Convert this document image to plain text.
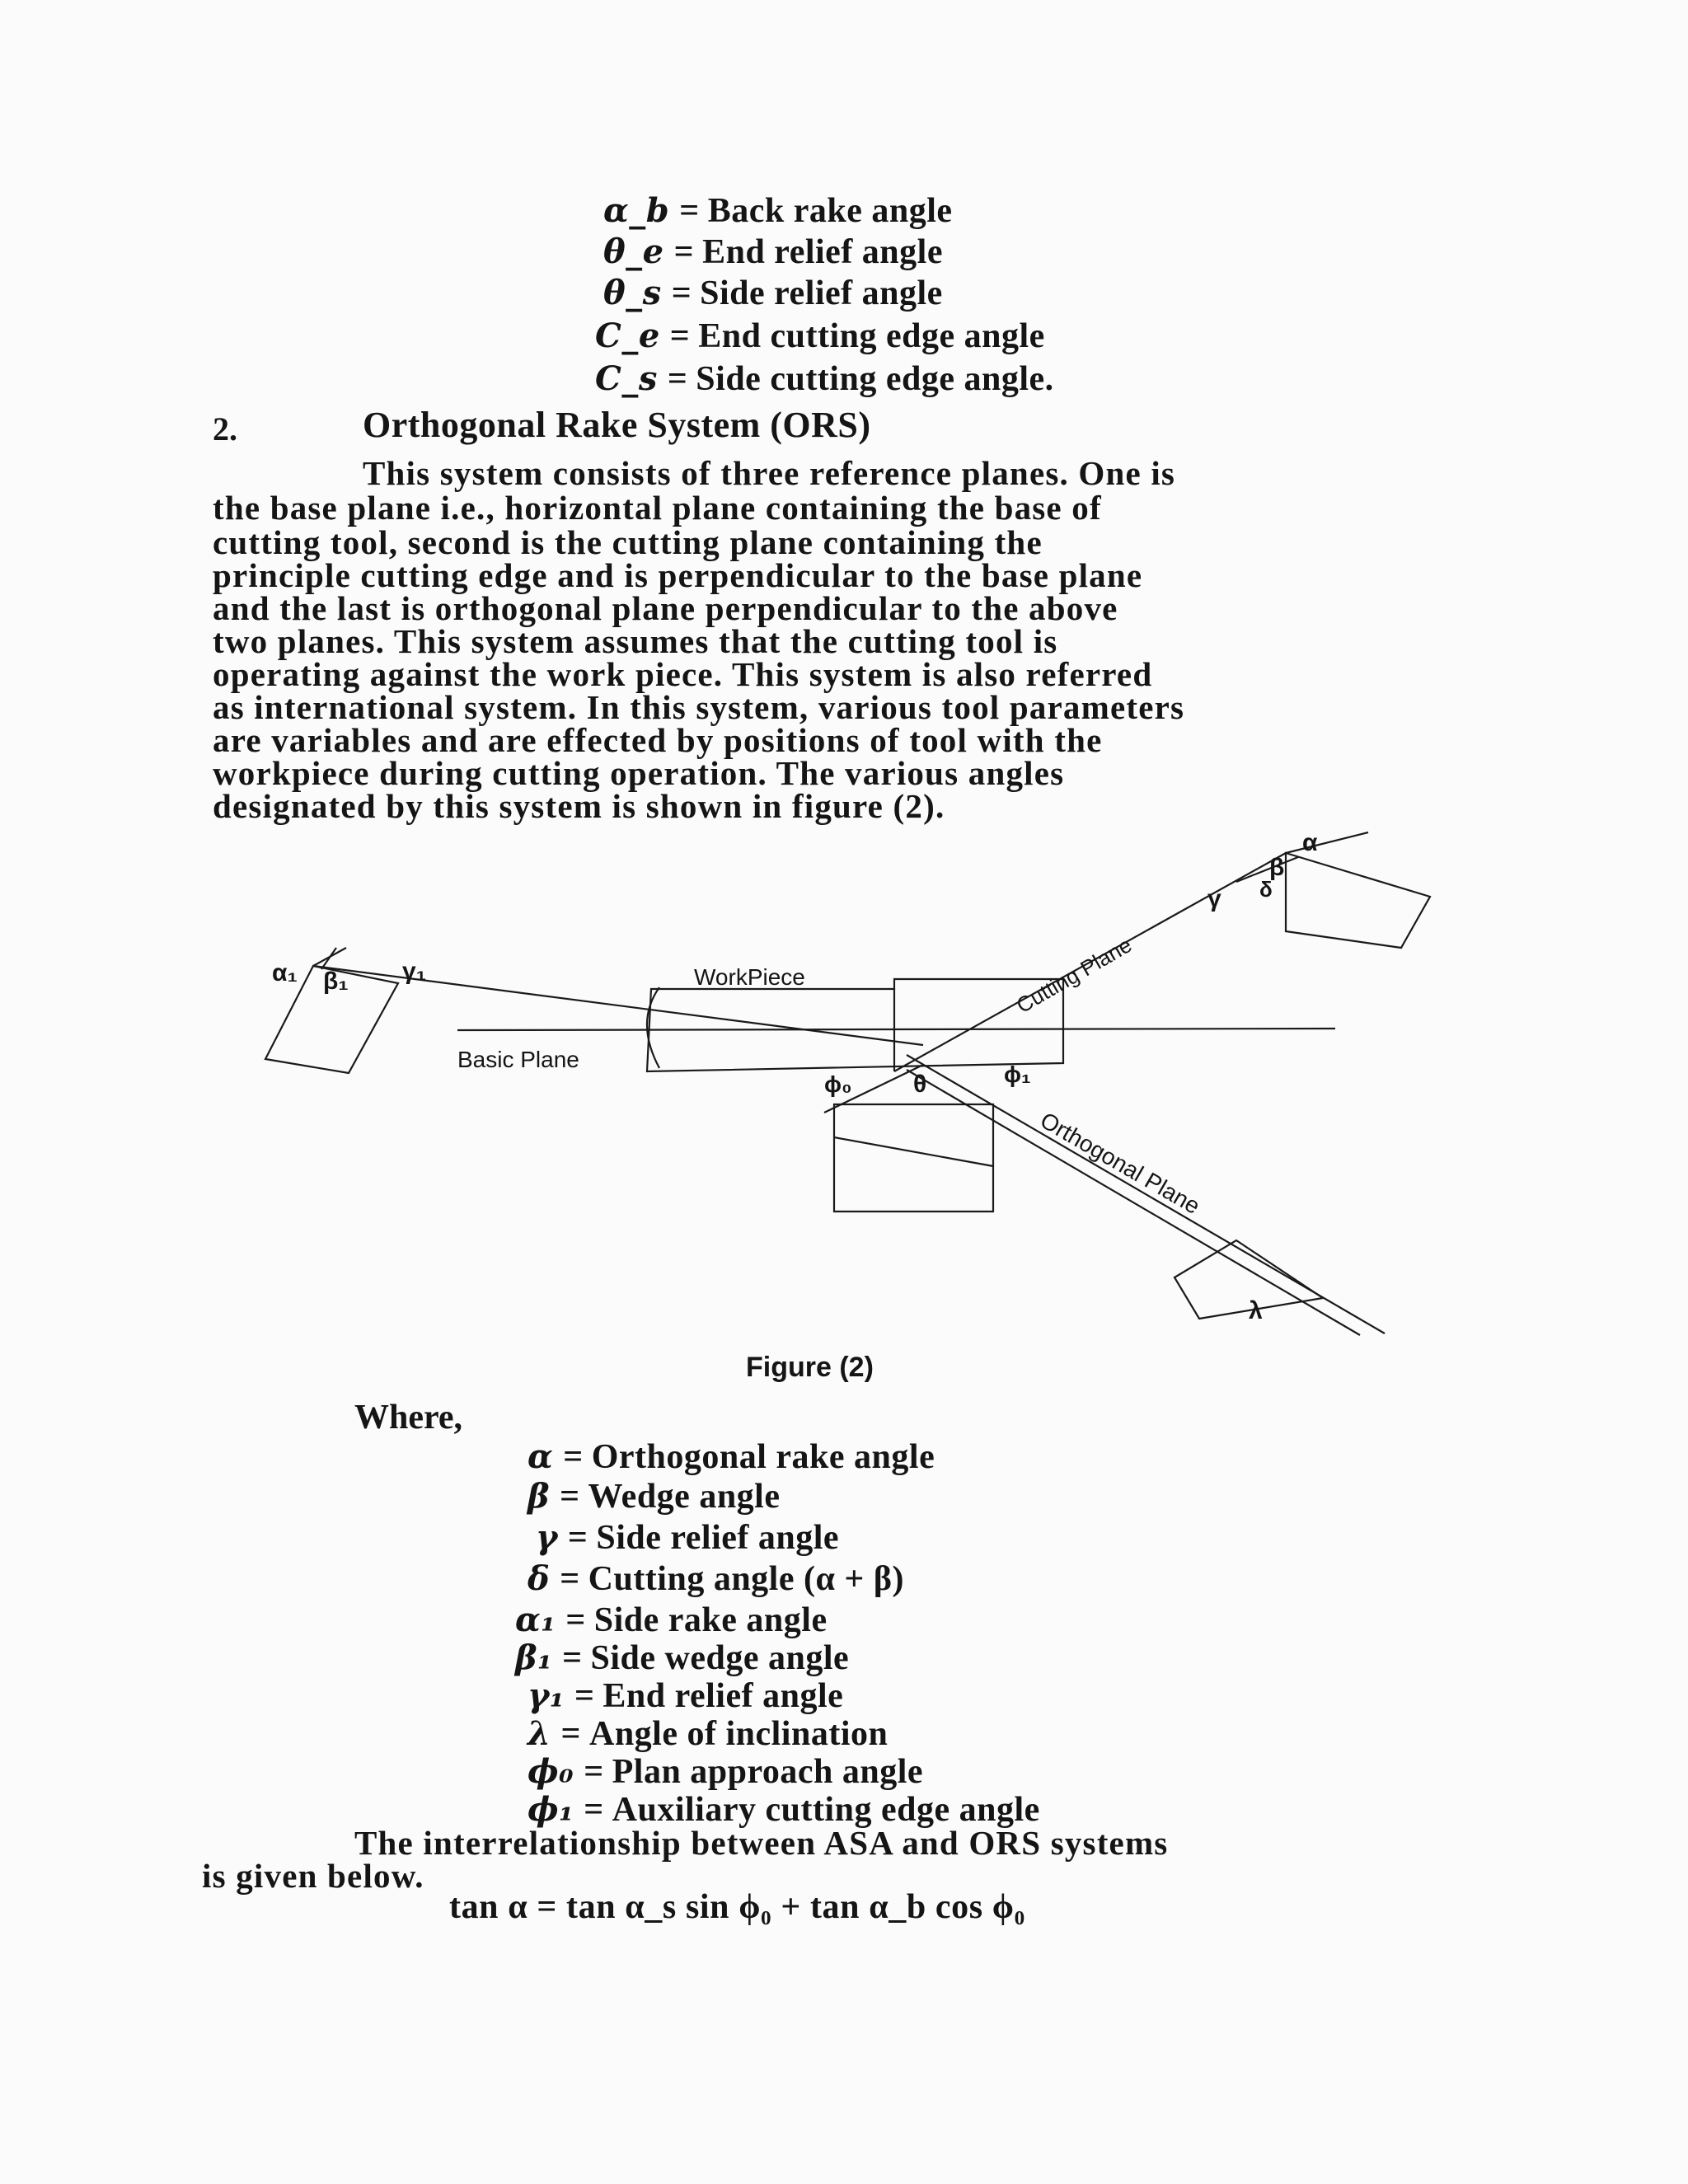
α_b = Back rake angle
θ_e = End relief angle
θ_s = Side relief angle
C_e = End cutting edge angle
C_s = Side cutting edge angle.
2.	Orthogonal Rake System (ORS)
This system consists of three reference planes. One is
the base plane i.e., horizontal plane containing the base of
cutting tool, second is the cutting plane containing the
principle cutting edge and is perpendicular to the base plane
and the last is orthogonal plane perpendicular to the above
two planes. This system assumes that the cutting tool is
operating against the work piece. This system is also referred
as international system. In this system, various tool parameters
are variables and are effected by positions of tool with the
workpiece during cutting operation. The various angles
designated by this system is shown in figure (2).
WorkPiece
Basic Plane
Cutting Plane
Orthogonal Plane
α₁ β₁ γ₁
α
β
γ δ
ϕ₀ θ	ϕ₁
λ
Figure (2)
Where,
α = Orthogonal rake angle
β = Wedge angle
γ = Side relief angle
δ = Cutting angle (α + β)
α₁ = Side rake angle
β₁ = Side wedge angle
γ₁ = End relief angle
λ = Angle of inclination
ϕ₀ = Plan approach angle
ϕ₁ = Auxiliary cutting edge angle
The interrelationship between ASA and ORS systems
is given below.
tan α = tan α_s sin ϕ₀ + tan α_b cos ϕ₀
